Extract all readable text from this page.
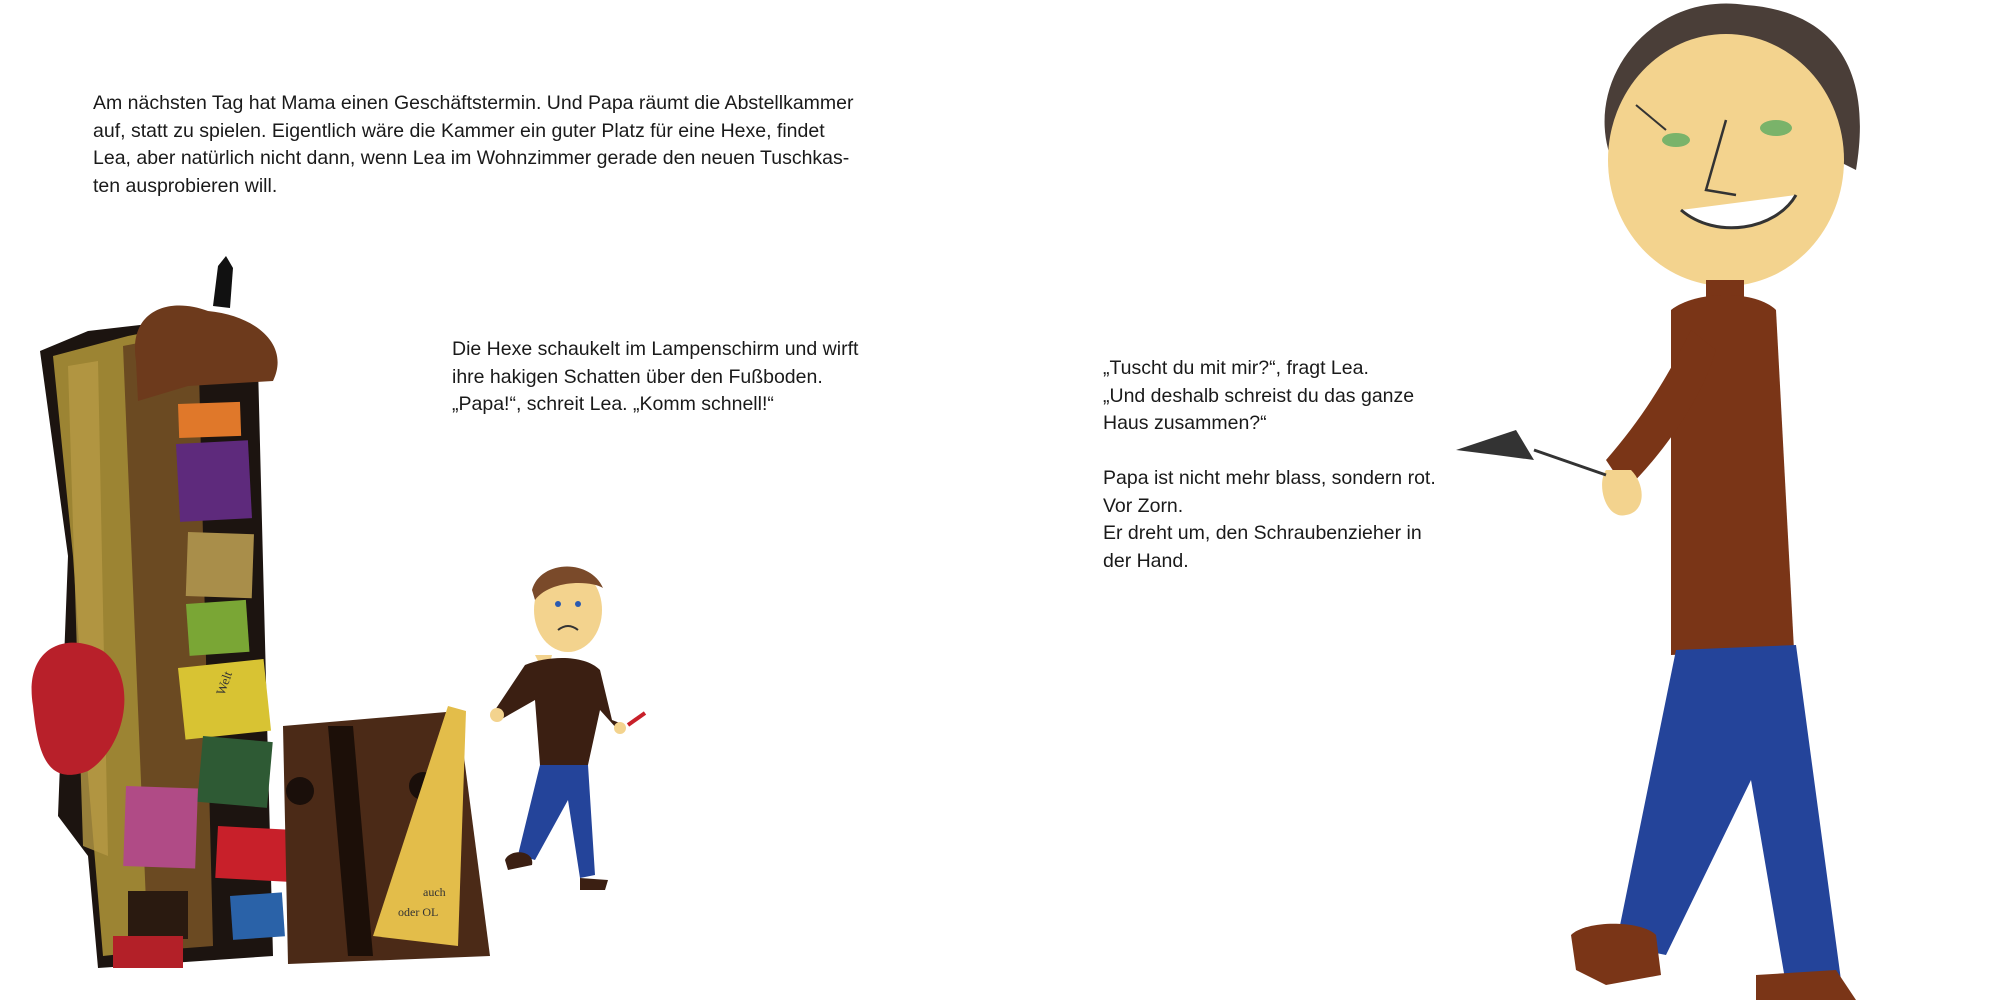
Am nächsten Tag hat Mama einen Geschäftstermin. Und Papa räumt die Abstellkammer
auf, statt zu spielen. Eigentlich wäre die Kammer ein guter Platz für eine Hexe, findet
Lea, aber natürlich nicht dann, wenn Lea im Wohnzimmer gerade den neuen Tuschkas-
ten ausprobieren will.

Die Hexe schaukelt im Lampenschirm und wirft
ihre hakigen Schatten über den Fußboden.
„Papa!“, schreit Lea. „Komm schnell!“

Welt
auch
oder OL

„Tuscht du mit mir?“, fragt Lea.
„Und deshalb schreist du das ganze
Haus zusammen?“

Papa ist nicht mehr blass, sondern rot.
Vor Zorn.
Er dreht um, den Schraubenzieher in
der Hand.
